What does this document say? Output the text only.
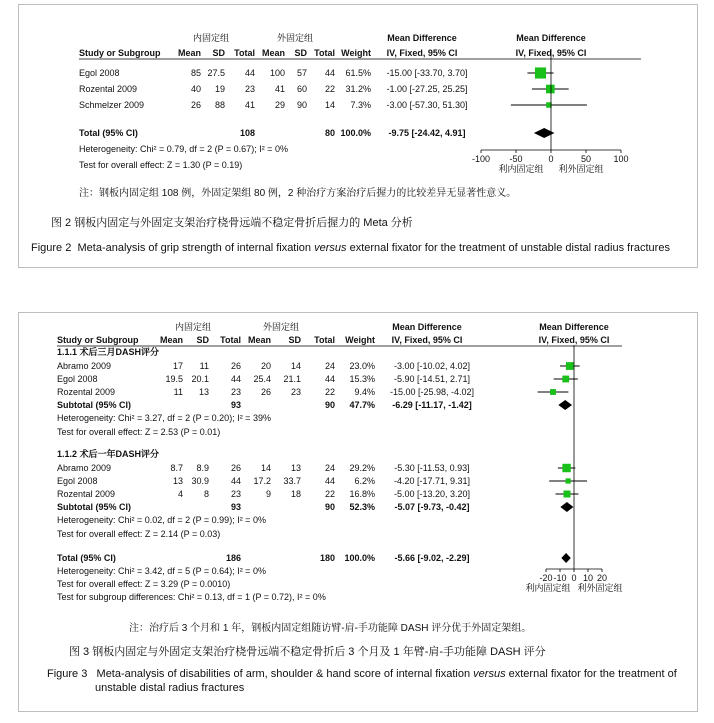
内固定组	外固定组	Mean Difference	Mean Difference
Study or Subgroup Mean SD Total Mean SD Total Weight IV, Fixed, 95% CI	IV, Fixed, 95% CI
Egol 2008	85 27.5 44 100 57 44 61.5% -15.00 [-33.70, 3.70]
Rozental 2009	40 19 23 41 60 22 31.2% -1.00 [-27.25, 25.25]
Schmelzer 2009	26 88 41 29 90 14 7.3% -3.00 [-57.30, 51.30]
Total (95% CI)	108	80 100.0% -9.75 [-24.42, 4.91]
Heterogeneity: Chi² = 0.79, df = 2 (P = 0.67); I² = 0%
Test for overall effect: Z = 1.30 (P = 0.19)
-100 -50	0	50 100
利内固定组 利外固定组
注：钢板内固定组 108 例，外固定架组 80 例，2 种治疗方案治疗后握力的比较差异无显著性意义。
图 2 钢板内固定与外固定支架治疗桡骨远端不稳定骨折后握力的 Meta 分析
Figure 2 Meta-analysis of grip strength of internal fixation versus external fixator for the treatment of unstable distal radius fractures
内固定组	外固定组	Mean Difference	Mean Difference
Study or Subgroup Mean SD Total Mean SD Total Weight IV, Fixed, 95% CI	IV, Fixed, 95% CI
1.1.1 术后三月DASH评分
Abramo 2009	17 11 26 20 14	24 23.0% -3.00 [-10.02, 4.02]
Egol 2008	19.5 20.1 44 25.4 21.1	44 15.3% -5.90 [-14.51, 2.71]
Rozental 2009	11 13 23 26 23	22 9.4% -15.00 [-25.98, -4.02]
Subtotal (95% CI)	93	90 47.7% -6.29 [-11.17, -1.42]
Heterogeneity: Chi² = 3.27, df = 2 (P = 0.20); I² = 39%
Test for overall effect: Z = 2.53 (P = 0.01)
1.1.2 术后一年DASH评分
Abramo 2009	8.7 8.9 26 14 13	24 29.2% -5.30 [-11.53, 0.93]
Egol 2008	13 30.9 44 17.2 33.7	44 6.2% -4.20 [-17.71, 9.31]
Rozental 2009	4 8 23	9 18	22 16.8% -5.00 [-13.20, 3.20]
Subtotal (95% CI)	93	90 52.3% -5.07 [-9.73, -0.42]
Heterogeneity: Chi² = 0.02, df = 2 (P = 0.99); I² = 0%
Test for overall effect: Z = 2.14 (P = 0.03)
Total (95% CI)	186	180 100.0% -5.66 [-9.02, -2.29]
Heterogeneity: Chi² = 3.42, df = 5 (P = 0.64); I² = 0%
Test for overall effect: Z = 3.29 (P = 0.0010)
Test for subgroup differences: Chi² = 0.13, df = 1 (P = 0.72), I² = 0%
-20 -10 0 10 20
利内固定组 利外固定组
注：治疗后 3 个月和 1 年，钢板内固定组随访臂-肩-手功能障 DASH 评分优于外固定架组。
图 3 钢板内固定与外固定支架治疗桡骨远端不稳定骨折后 3 个月及 1 年臂-肩-手功能障 DASH 评分
Figure 3 Meta-analysis of disabilities of arm, shoulder & hand score of internal fixation versus external fixator for the treatment of
unstable distal radius fractures
